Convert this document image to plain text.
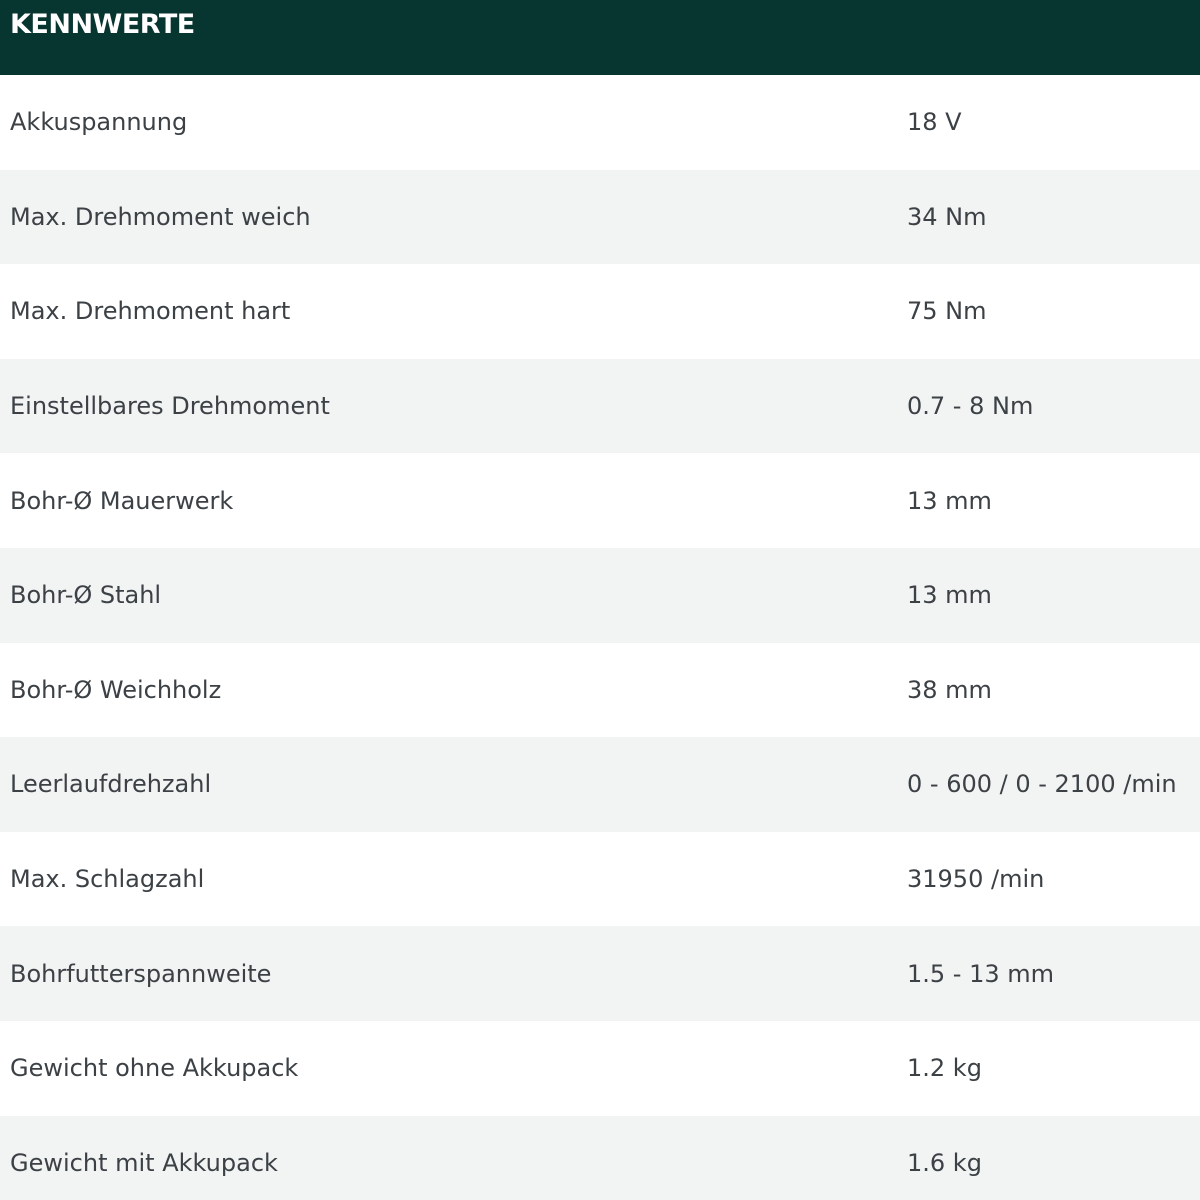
KENNWERTE
Akkuspannung	18 V
Max. Drehmoment weich	34 Nm
Max. Drehmoment hart	75 Nm
Einstellbares Drehmoment	0.7 - 8 Nm
Bohr-Ø Mauerwerk	13 mm
Bohr-Ø Stahl	13 mm
Bohr-Ø Weichholz	38 mm
Leerlaufdrehzahl	0 - 600 / 0 - 2100 /min
Max. Schlagzahl	31950 /min
Bohrfutterspannweite	1.5 - 13 mm
Gewicht ohne Akkupack	1.2 kg
Gewicht mit Akkupack	1.6 kg
